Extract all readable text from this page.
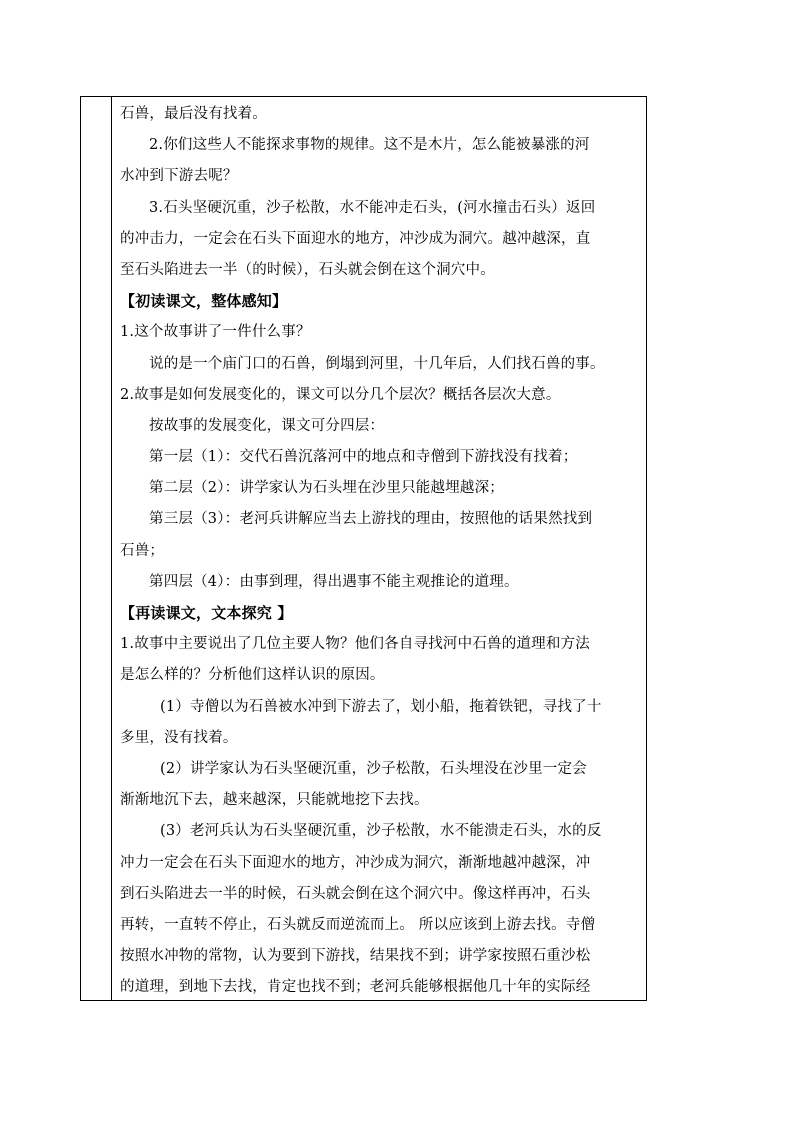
石兽，最后没有找着。
2.你们这些人不能探求事物的规律。这不是木片，怎么能被暴涨的河
水冲到下游去呢？
3.石头坚硬沉重，沙子松散，水不能冲走石头，(河水撞击石头）返回
的冲击力，一定会在石头下面迎水的地方，冲沙成为洞穴。越冲越深，直
至石头陷进去一半（的时候），石头就会倒在这个洞穴中。
【初读课文，整体感知】
1.这个故事讲了一件什么事？
说的是一个庙门口的石兽，倒塌到河里，十几年后，人们找石兽的事。
2.故事是如何发展变化的，课文可以分几个层次？概括各层次大意。
按故事的发展变化，课文可分四层：
第一层（1）：交代石兽沉落河中的地点和寺僧到下游找没有找着；
第二层（2）：讲学家认为石头埋在沙里只能越埋越深；
第三层（3）：老河兵讲解应当去上游找的理由，按照他的话果然找到
石兽；
第四层（4）：由事到理，得出遇事不能主观推论的道理。
【再读课文，文本探究 】
1.故事中主要说出了几位主要人物？他们各自寻找河中石兽的道理和方法
是怎么样的？分析他们这样认识的原因。
(1）寺僧以为石兽被水冲到下游去了，划小船，拖着铁钯，寻找了十
多里，没有找着。
(2）讲学家认为石头坚硬沉重，沙子松散，石头埋没在沙里一定会
渐渐地沉下去，越来越深，只能就地挖下去找。
(3）老河兵认为石头坚硬沉重，沙子松散，水不能溃走石头，水的反
冲力一定会在石头下面迎水的地方，冲沙成为洞穴，渐渐地越冲越深，冲
到石头陷进去一半的时候，石头就会倒在这个洞穴中。像这样再冲，石头
再转，一直转不停止，石头就反而逆流而上。 所以应该到上游去找。寺僧
按照水冲物的常物，认为要到下游找，结果找不到；讲学家按照石重沙松
的道理，到地下去找，肯定也找不到；老河兵能够根据他几十年的实际经
